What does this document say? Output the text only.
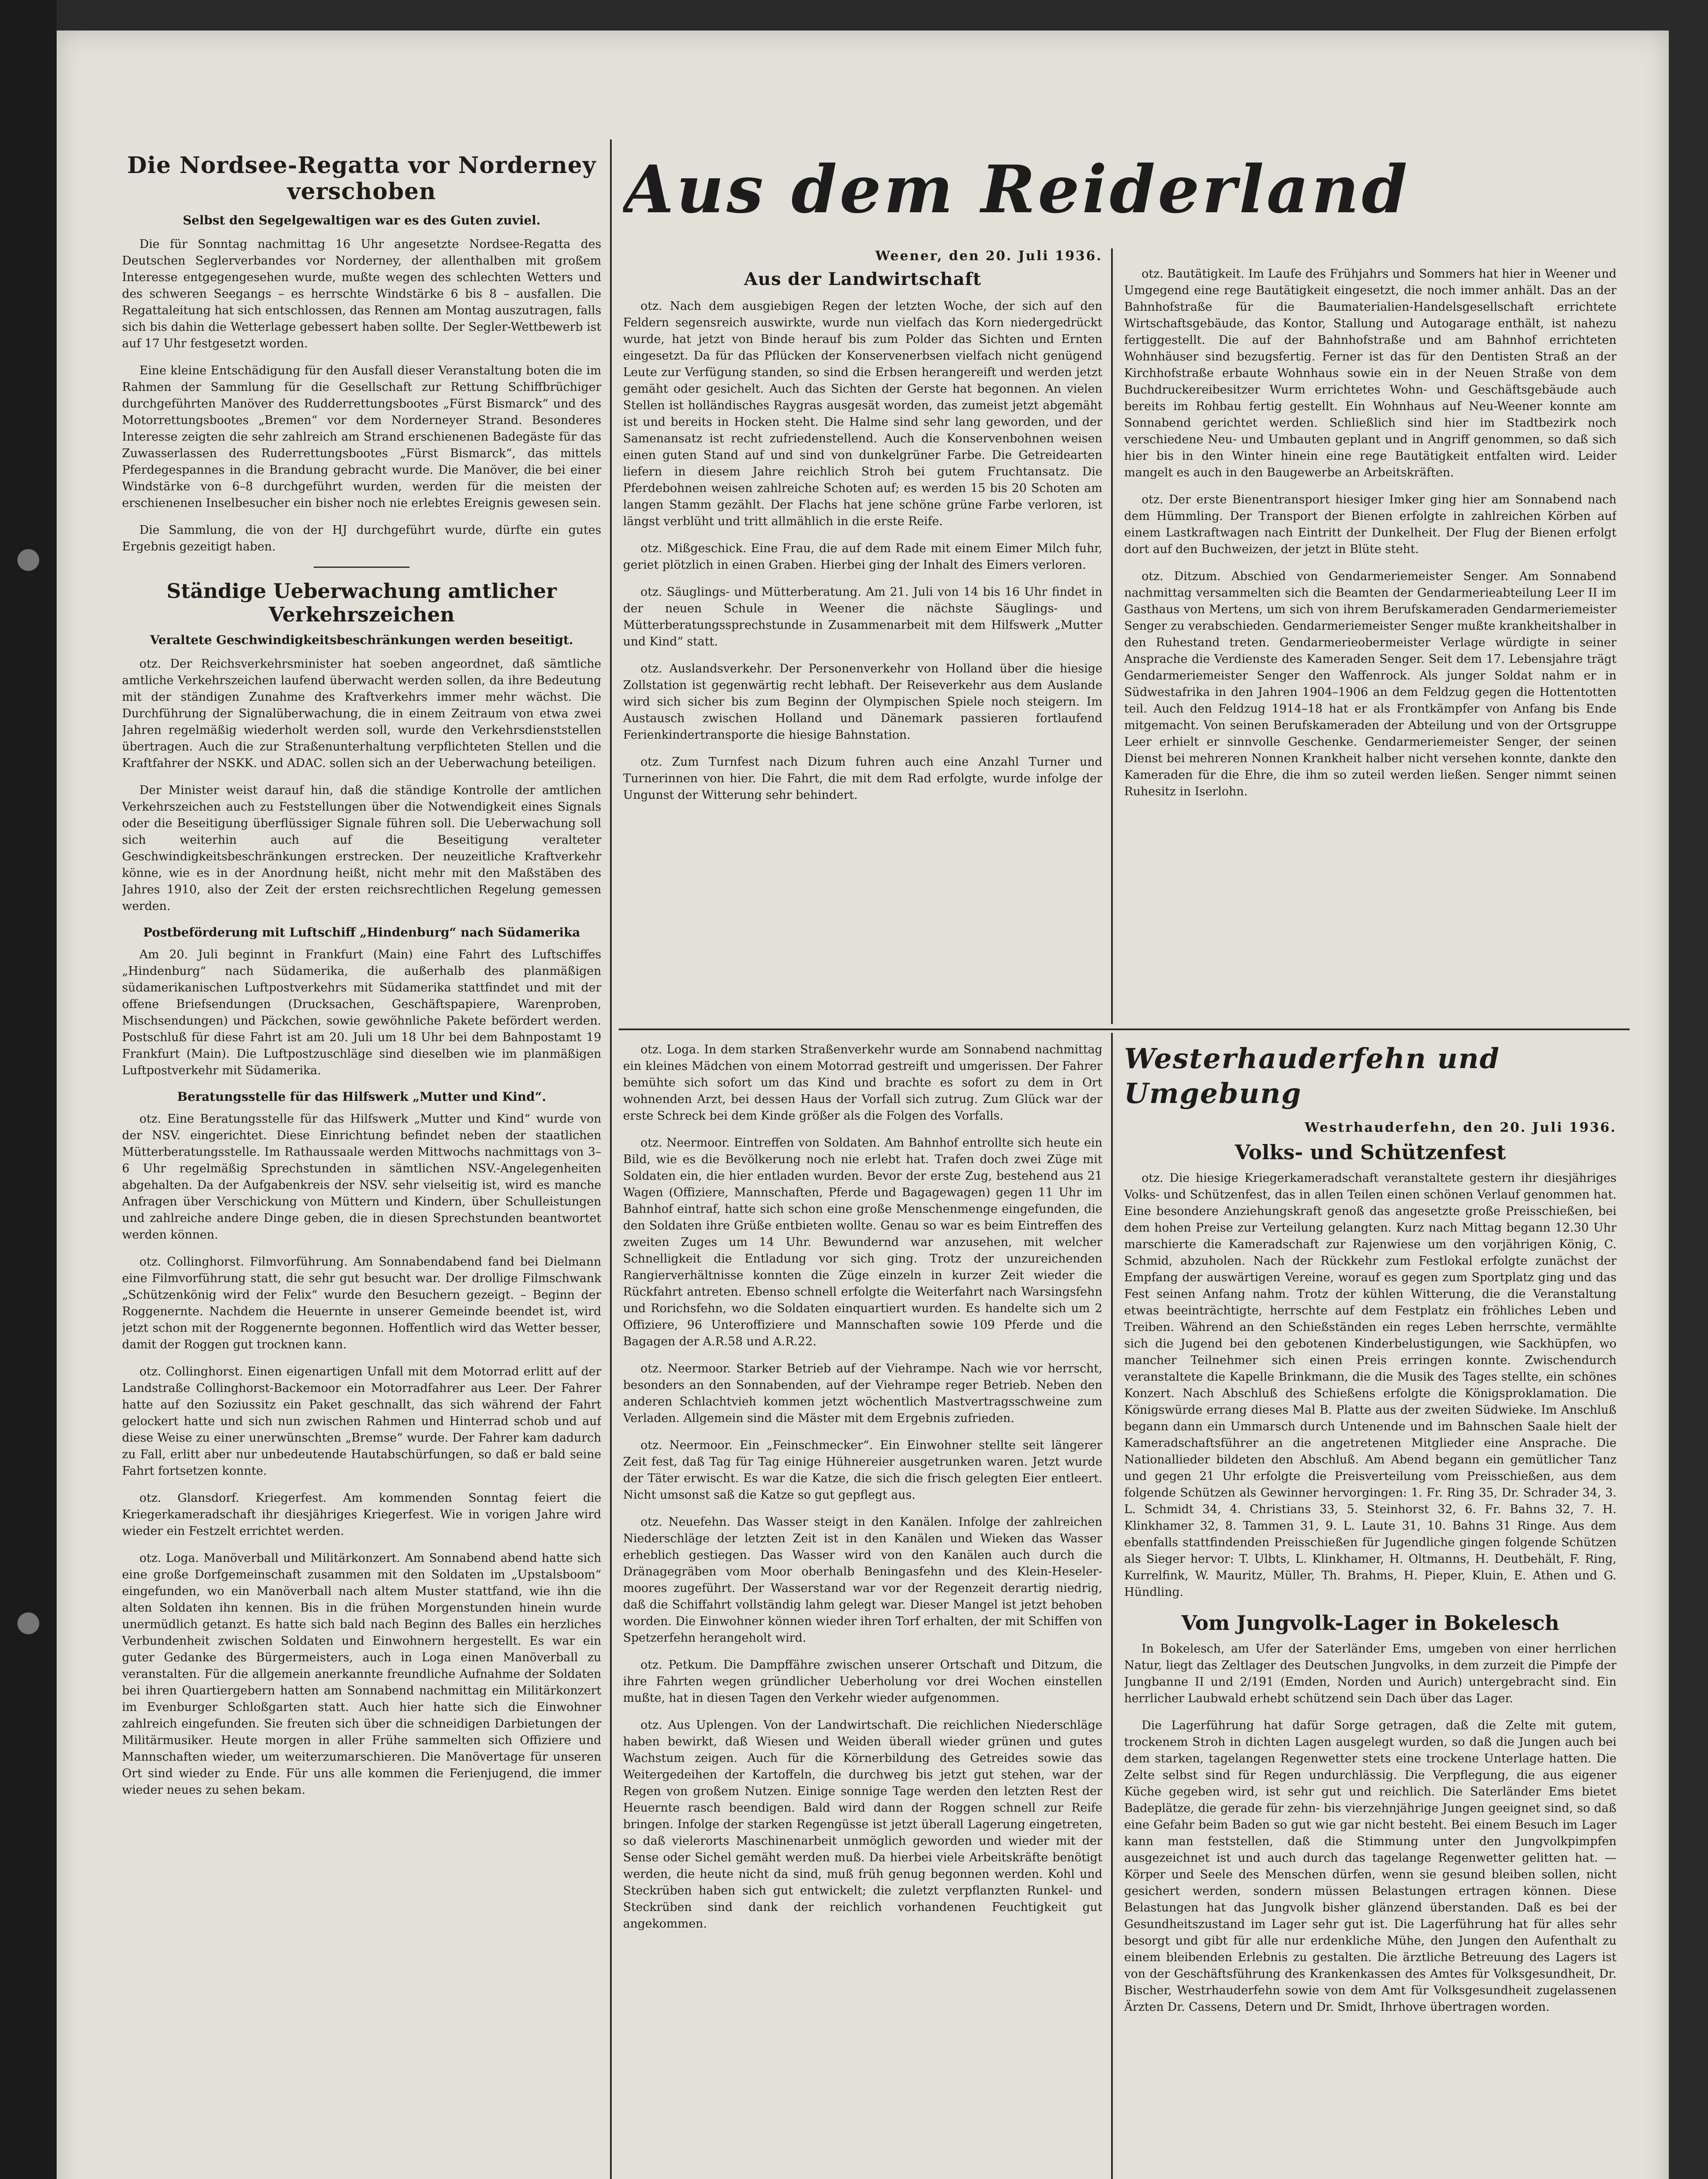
Die Nordsee-Regatta vor Norderney verschoben
Selbst den Segelgewaltigen war es des Guten zuviel.

Die für Sonntag nachmittag 16 Uhr angesetzte Nordsee-Regatta des Deutschen Seglerverbandes vor Norderney, der allenthalben mit großem Interesse entgegengesehen wurde, mußte wegen des schlechten Wetters und des schweren Seegangs – es herrschte Windstärke 6 bis 8 – ausfallen. Die Regattaleitung hat sich entschlossen, das Rennen am Montag auszutragen, falls sich bis dahin die Wetterlage gebessert haben sollte. Der Segler-Wettbewerb ist auf 17 Uhr festgesetzt worden.

Eine kleine Entschädigung für den Ausfall dieser Veranstaltung boten die im Rahmen der Sammlung für die Gesellschaft zur Rettung Schiffbrüchiger durchgeführten Manöver des Rudderrettungsbootes „Fürst Bismarck“ und des Motorrettungsbootes „Bremen“ vor dem Norderneyer Strand. Besonderes Interesse zeigten die sehr zahlreich am Strand erschienenen Badegäste für das Zuwasserlassen des Ruderrettungsbootes „Fürst Bismarck“, das mittels Pferdegespannes in die Brandung gebracht wurde. Die Manöver, die bei einer Windstärke von 6–8 durchgeführt wurden, werden für die meisten der erschienenen Inselbesucher ein bisher noch nie erlebtes Ereignis gewesen sein.

Die Sammlung, die von der HJ durchgeführt wurde, dürfte ein gutes Ergebnis gezeitigt haben.

Ständige Ueberwachung amtlicher Verkehrszeichen
Veraltete Geschwindigkeitsbeschränkungen werden beseitigt.

otz. Der Reichsverkehrsminister hat soeben angeordnet, daß sämtliche amtliche Verkehrszeichen laufend überwacht werden sollen, da ihre Bedeutung mit der ständigen Zunahme des Kraftverkehrs immer mehr wächst. Die Durchführung der Signalüberwachung, die in einem Zeitraum von etwa zwei Jahren regelmäßig wiederholt werden soll, wurde den Verkehrsdienststellen übertragen. Auch die zur Straßenunterhaltung verpflichteten Stellen und die Kraftfahrer der NSKK. und ADAC. sollen sich an der Ueberwachung beteiligen.

Der Minister weist darauf hin, daß die ständige Kontrolle der amtlichen Verkehrszeichen auch zu Feststellungen über die Notwendigkeit eines Signals oder die Beseitigung überflüssiger Signale führen soll. Die Ueberwachung soll sich weiterhin auch auf die Beseitigung veralteter Geschwindigkeitsbeschränkungen erstrecken. Der neuzeitliche Kraftverkehr könne, wie es in der Anordnung heißt, nicht mehr mit den Maßstäben des Jahres 1910, also der Zeit der ersten reichsrechtlichen Regelung gemessen werden.

Postbeförderung mit Luftschiff „Hindenburg“ nach Südamerika

Am 20. Juli beginnt in Frankfurt (Main) eine Fahrt des Luftschiffes „Hindenburg“ nach Südamerika, die außerhalb des planmäßigen südamerikanischen Luftpostverkehrs mit Südamerika stattfindet und mit der offene Briefsendungen (Drucksachen, Geschäftspapiere, Warenproben, Mischsendungen) und Päckchen, sowie gewöhnliche Pakete befördert werden. Postschluß für diese Fahrt ist am 20. Juli um 18 Uhr bei dem Bahnpostamt 19 Frankfurt (Main). Die Luftpostzuschläge sind dieselben wie im planmäßigen Luftpostverkehr mit Südamerika.

Beratungsstelle für das Hilfswerk „Mutter und Kind“.

otz. Eine Beratungsstelle für das Hilfswerk „Mutter und Kind“ wurde von der NSV. eingerichtet. Diese Einrichtung befindet neben der staatlichen Mütterberatungsstelle. Im Rathaussaale werden Mittwochs nachmittags von 3–6 Uhr regelmäßig Sprechstunden in sämtlichen NSV.-Angelegenheiten abgehalten. Da der Aufgabenkreis der NSV. sehr vielseitig ist, wird es manche Anfragen über Verschickung von Müttern und Kindern, über Schulleistungen und zahlreiche andere Dinge geben, die in diesen Sprechstunden beantwortet werden können.

otz. Collinghorst. Filmvorführung. Am Sonnabendabend fand bei Dielmann eine Filmvorführung statt, die sehr gut besucht war. Der drollige Filmschwank „Schützenkönig wird der Felix“ wurde den Besuchern gezeigt. – Beginn der Roggenernte. Nachdem die Heuernte in unserer Gemeinde beendet ist, wird jetzt schon mit der Roggenernte begonnen. Hoffentlich wird das Wetter besser, damit der Roggen gut trocknen kann.

otz. Collinghorst. Einen eigenartigen Unfall mit dem Motorrad erlitt auf der Landstraße Collinghorst-Backemoor ein Motorradfahrer aus Leer. Der Fahrer hatte auf den Soziussitz ein Paket geschnallt, das sich während der Fahrt gelockert hatte und sich nun zwischen Rahmen und Hinterrad schob und auf diese Weise zu einer unerwünschten „Bremse“ wurde. Der Fahrer kam dadurch zu Fall, erlitt aber nur unbedeutende Hautabschürfungen, so daß er bald seine Fahrt fortsetzen konnte.

otz. Glansdorf. Kriegerfest. Am kommenden Sonntag feiert die Kriegerkameradschaft ihr diesjähriges Kriegerfest. Wie in vorigen Jahre wird wieder ein Festzelt errichtet werden.

otz. Loga. Manöverball und Militärkonzert. Am Sonnabend abend hatte sich eine große Dorfgemeinschaft zusammen mit den Soldaten im „Upstalsboom“ eingefunden, wo ein Manöverball nach altem Muster stattfand, wie ihn die alten Soldaten ihn kennen. Bis in die frühen Morgenstunden hinein wurde unermüdlich getanzt. Es hatte sich bald nach Beginn des Balles ein herzliches Verbundenheit zwischen Soldaten und Einwohnern hergestellt. Es war ein guter Gedanke des Bürgermeisters, auch in Loga einen Manöverball zu veranstalten. Für die allgemein anerkannte freundliche Aufnahme der Soldaten bei ihren Quartiergebern hatten am Sonnabend nachmittag ein Militärkonzert im Evenburger Schloßgarten statt. Auch hier hatte sich die Einwohner zahlreich eingefunden. Sie freuten sich über die schneidigen Darbietungen der Militärmusiker. Heute morgen in aller Frühe sammelten sich Offiziere und Mannschaften wieder, um weiterzumarschieren. Die Manövertage für unseren Ort sind wieder zu Ende. Für uns alle kommen die Ferienjugend, die immer wieder neues zu sehen bekam.

Aus dem Reiderland
Weener, den 20. Juli 1936.
Aus der Landwirtschaft

otz. Nach dem ausgiebigen Regen der letzten Woche, der sich auf den Feldern segensreich auswirkte, wurde nun vielfach das Korn niedergedrückt wurde, hat jetzt von Binde herauf bis zum Polder das Sichten und Ernten eingesetzt. Da für das Pflücken der Konservenerbsen vielfach nicht genügend Leute zur Verfügung standen, so sind die Erbsen herangereift und werden jetzt gemäht oder gesichelt. Auch das Sichten der Gerste hat begonnen. An vielen Stellen ist holländisches Raygras ausgesät worden, das zumeist jetzt abgemäht ist und bereits in Hocken steht. Die Halme sind sehr lang geworden, und der Samenansatz ist recht zufriedenstellend. Auch die Konservenbohnen weisen einen guten Stand auf und sind von dunkelgrüner Farbe. Die Getreidearten liefern in diesem Jahre reichlich Stroh bei gutem Fruchtansatz. Die Pferdebohnen weisen zahlreiche Schoten auf; es werden 15 bis 20 Schoten am langen Stamm gezählt. Der Flachs hat jene schöne grüne Farbe verloren, ist längst verblüht und tritt allmählich in die erste Reife.

otz. Mißgeschick. Eine Frau, die auf dem Rade mit einem Eimer Milch fuhr, geriet plötzlich in einen Graben. Hierbei ging der Inhalt des Eimers verloren.

otz. Säuglings- und Mütterberatung. Am 21. Juli von 14 bis 16 Uhr findet in der neuen Schule in Weener die nächste Säuglings- und Mütterberatungssprechstunde in Zusammenarbeit mit dem Hilfswerk „Mutter und Kind“ statt.

otz. Auslandsverkehr. Der Personenverkehr von Holland über die hiesige Zollstation ist gegenwärtig recht lebhaft. Der Reiseverkehr aus dem Auslande wird sich sicher bis zum Beginn der Olympischen Spiele noch steigern. Im Austausch zwischen Holland und Dänemark passieren fortlaufend Ferienkindertransporte die hiesige Bahnstation.

otz. Zum Turnfest nach Dizum fuhren auch eine Anzahl Turner und Turnerinnen von hier. Die Fahrt, die mit dem Rad erfolgte, wurde infolge der Ungunst der Witterung sehr behindert.

otz. Bautätigkeit. Im Laufe des Frühjahrs und Sommers hat hier in Weener und Umgegend eine rege Bautätigkeit eingesetzt, die noch immer anhält. Das an der Bahnhofstraße für die Baumaterialien-Handelsgesellschaft errichtete Wirtschaftsgebäude, das Kontor, Stallung und Autogarage enthält, ist nahezu fertiggestellt. Die auf der Bahnhofstraße und am Bahnhof errichteten Wohnhäuser sind bezugsfertig. Ferner ist das für den Dentisten Straß an der Kirchhofstraße erbaute Wohnhaus sowie ein in der Neuen Straße von dem Buchdruckereibesitzer Wurm errichtetes Wohn- und Geschäftsgebäude auch bereits im Rohbau fertig gestellt. Ein Wohnhaus auf Neu-Weener konnte am Sonnabend gerichtet werden. Schließlich sind hier im Stadtbezirk noch verschiedene Neu- und Umbauten geplant und in Angriff genommen, so daß sich hier bis in den Winter hinein eine rege Bautätigkeit entfalten wird. Leider mangelt es auch in den Baugewerbe an Arbeitskräften.

otz. Der erste Bienentransport hiesiger Imker ging hier am Sonnabend nach dem Hümmling. Der Transport der Bienen erfolgte in zahlreichen Körben auf einem Lastkraftwagen nach Eintritt der Dunkelheit. Der Flug der Bienen erfolgt dort auf den Buchweizen, der jetzt in Blüte steht.

otz. Ditzum. Abschied von Gendarmeriemeister Senger. Am Sonnabend nachmittag versammelten sich die Beamten der Gendarmerieabteilung Leer II im Gasthaus von Mertens, um sich von ihrem Berufskameraden Gendarmeriemeister Senger zu verabschieden. Gendarmeriemeister Senger mußte krankheitshalber in den Ruhestand treten. Gendarmerieobermeister Verlage würdigte in seiner Ansprache die Verdienste des Kameraden Senger. Seit dem 17. Lebensjahre trägt Gendarmeriemeister Senger den Waffenrock. Als junger Soldat nahm er in Südwestafrika in den Jahren 1904–1906 an dem Feldzug gegen die Hottentotten teil. Auch den Feldzug 1914–18 hat er als Frontkämpfer von Anfang bis Ende mitgemacht. Von seinen Berufskameraden der Abteilung und von der Ortsgruppe Leer erhielt er sinnvolle Geschenke. Gendarmeriemeister Senger, der seinen Dienst bei mehreren Nonnen Krankheit halber nicht versehen konnte, dankte den Kameraden für die Ehre, die ihm so zuteil werden ließen. Senger nimmt seinen Ruhesitz in Iserlohn.

otz. Loga. In dem starken Straßenverkehr wurde am Sonnabend nachmittag ein kleines Mädchen von einem Motorrad gestreift und umgerissen. Der Fahrer bemühte sich sofort um das Kind und brachte es sofort zu dem in Ort wohnenden Arzt, bei dessen Haus der Vorfall sich zutrug. Zum Glück war der erste Schreck bei dem Kinde größer als die Folgen des Vorfalls.

otz. Neermoor. Eintreffen von Soldaten. Am Bahnhof entrollte sich heute ein Bild, wie es die Bevölkerung noch nie erlebt hat. Trafen doch zwei Züge mit Soldaten ein, die hier entladen wurden. Bevor der erste Zug, bestehend aus 21 Wagen (Offiziere, Mannschaften, Pferde und Bagagewagen) gegen 11 Uhr im Bahnhof eintraf, hatte sich schon eine große Menschenmenge eingefunden, die den Soldaten ihre Grüße entbieten wollte. Genau so war es beim Eintreffen des zweiten Zuges um 14 Uhr. Bewundernd war anzusehen, mit welcher Schnelligkeit die Entladung vor sich ging. Trotz der unzureichenden Rangierverhältnisse konnten die Züge einzeln in kurzer Zeit wieder die Rückfahrt antreten. Ebenso schnell erfolgte die Weiterfahrt nach Warsingsfehn und Rorichsfehn, wo die Soldaten einquartiert wurden. Es handelte sich um 2 Offiziere, 96 Unteroffiziere und Mannschaften sowie 109 Pferde und die Bagagen der A.R.58 und A.R.22.

otz. Neermoor. Starker Betrieb auf der Viehrampe. Nach wie vor herrscht, besonders an den Sonnabenden, auf der Viehrampe reger Betrieb. Neben den anderen Schlachtvieh kommen jetzt wöchentlich Mastvertragsschweine zum Verladen. Allgemein sind die Mäster mit dem Ergebnis zufrieden.

otz. Neermoor. Ein „Feinschmecker“. Ein Einwohner stellte seit längerer Zeit fest, daß Tag für Tag einige Hühnereier ausgetrunken waren. Jetzt wurde der Täter erwischt. Es war die Katze, die sich die frisch gelegten Eier entleert. Nicht umsonst saß die Katze so gut gepflegt aus.

otz. Neuefehn. Das Wasser steigt in den Kanälen. Infolge der zahlreichen Niederschläge der letzten Zeit ist in den Kanälen und Wieken das Wasser erheblich gestiegen. Das Wasser wird von den Kanälen auch durch die Dränagegräben vom Moor oberhalb Beningasfehn und des Klein-Heseler-moores zugeführt. Der Wasserstand war vor der Regenzeit derartig niedrig, daß die Schiffahrt vollständig lahm gelegt war. Dieser Mangel ist jetzt behoben worden. Die Einwohner können wieder ihren Torf erhalten, der mit Schiffen von Spetzerfehn herangeholt wird.

otz. Petkum. Die Dampffähre zwischen unserer Ortschaft und Ditzum, die ihre Fahrten wegen gründlicher Ueberholung vor drei Wochen einstellen mußte, hat in diesen Tagen den Verkehr wieder aufgenommen.

otz. Aus Uplengen. Von der Landwirtschaft. Die reichlichen Niederschläge haben bewirkt, daß Wiesen und Weiden überall wieder grünen und gutes Wachstum zeigen. Auch für die Körnerbildung des Getreides sowie das Weitergedeihen der Kartoffeln, die durchweg bis jetzt gut stehen, war der Regen von großem Nutzen. Einige sonnige Tage werden den letzten Rest der Heuernte rasch beendigen. Bald wird dann der Roggen schnell zur Reife bringen. Infolge der starken Regengüsse ist jetzt überall Lagerung eingetreten, so daß vielerorts Maschinenarbeit unmöglich geworden und wieder mit der Sense oder Sichel gemäht werden muß. Da hierbei viele Arbeitskräfte benötigt werden, die heute nicht da sind, muß früh genug begonnen werden. Kohl und Steckrüben haben sich gut entwickelt; die zuletzt verpflanzten Runkel- und Steckrüben sind dank der reichlich vorhandenen Feuchtigkeit gut angekommen.

Westerhauderfehn und Umgebung
Westrhauderfehn, den 20. Juli 1936.
Volks- und Schützenfest

otz. Die hiesige Kriegerkameradschaft veranstaltete gestern ihr diesjähriges Volks- und Schützenfest, das in allen Teilen einen schönen Verlauf genommen hat. Eine besondere Anziehungskraft genoß das angesetzte große Preisschießen, bei dem hohen Preise zur Verteilung gelangten. Kurz nach Mittag begann 12.30 Uhr marschierte die Kameradschaft zur Rajenwiese um den vorjährigen König, C. Schmid, abzuholen. Nach der Rückkehr zum Festlokal erfolgte zunächst der Empfang der auswärtigen Vereine, worauf es gegen zum Sportplatz ging und das Fest seinen Anfang nahm. Trotz der kühlen Witterung, die die Veranstaltung etwas beeinträchtigte, herrschte auf dem Festplatz ein fröhliches Leben und Treiben. Während an den Schießständen ein reges Leben herrschte, vermählte sich die Jugend bei den gebotenen Kinderbelustigungen, wie Sackhüpfen, wo mancher Teilnehmer sich einen Preis erringen konnte. Zwischendurch veranstaltete die Kapelle Brinkmann, die die Musik des Tages stellte, ein schönes Konzert. Nach Abschluß des Schießens erfolgte die Königsproklamation. Die Königswürde errang dieses Mal B. Platte aus der zweiten Südwieke. Im Anschluß begann dann ein Ummarsch durch Untenende und im Bahnschen Saale hielt der Kameradschaftsführer an die angetretenen Mitglieder eine Ansprache. Die Nationallieder bildeten den Abschluß. Am Abend begann ein gemütlicher Tanz und gegen 21 Uhr erfolgte die Preisverteilung vom Preisschießen, aus dem folgende Schützen als Gewinner hervorgingen: 1. Fr. Ring 35, Dr. Schrader 34, 3. L. Schmidt 34, 4. Christians 33, 5. Steinhorst 32, 6. Fr. Bahns 32, 7. H. Klinkhamer 32, 8. Tammen 31, 9. L. Laute 31, 10. Bahns 31 Ringe. Aus dem ebenfalls stattfindenden Preisschießen für Jugendliche gingen folgende Schützen als Sieger hervor: T. Ulbts, L. Klinkhamer, H. Oltmanns, H. Deutbehält, F. Ring, Kurrelfink, W. Mauritz, Müller, Th. Brahms, H. Pieper, Kluin, E. Athen und G. Hündling.

Vom Jungvolk-Lager in Bokelesch

In Bokelesch, am Ufer der Saterländer Ems, umgeben von einer herrlichen Natur, liegt das Zeltlager des Deutschen Jungvolks, in dem zurzeit die Pimpfe der Jungbanne II und 2/191 (Emden, Norden und Aurich) untergebracht sind. Ein herrlicher Laubwald erhebt schützend sein Dach über das Lager.

Die Lagerführung hat dafür Sorge getragen, daß die Zelte mit gutem, trockenem Stroh in dichten Lagen ausgelegt wurden, so daß die Jungen auch bei dem starken, tagelangen Regenwetter stets eine trockene Unterlage hatten. Die Zelte selbst sind für Regen undurchlässig. Die Verpflegung, die aus eigener Küche gegeben wird, ist sehr gut und reichlich. Die Saterländer Ems bietet Badeplätze, die gerade für zehn- bis vierzehnjährige Jungen geeignet sind, so daß eine Gefahr beim Baden so gut wie gar nicht besteht. Bei einem Besuch im Lager kann man feststellen, daß die Stimmung unter den Jungvolkpimpfen ausgezeichnet ist und auch durch das tagelange Regenwetter gelitten hat. — Körper und Seele des Menschen dürfen, wenn sie gesund bleiben sollen, nicht gesichert werden, sondern müssen Belastungen ertragen können. Diese Belastungen hat das Jungvolk bisher glänzend überstanden. Daß es bei der Gesundheitszustand im Lager sehr gut ist. Die Lagerführung hat für alles sehr besorgt und gibt für alle nur erdenkliche Mühe, den Jungen den Aufenthalt zu einem bleibenden Erlebnis zu gestalten. Die ärztliche Betreuung des Lagers ist von der Geschäftsführung des Krankenkassen des Amtes für Volksgesundheit, Dr. Bischer, Westrhauderfehn sowie von dem Amt für Volksgesundheit zugelassenen Ärzten Dr. Cassens, Detern und Dr. Smidt, Ihrhove übertragen worden.
